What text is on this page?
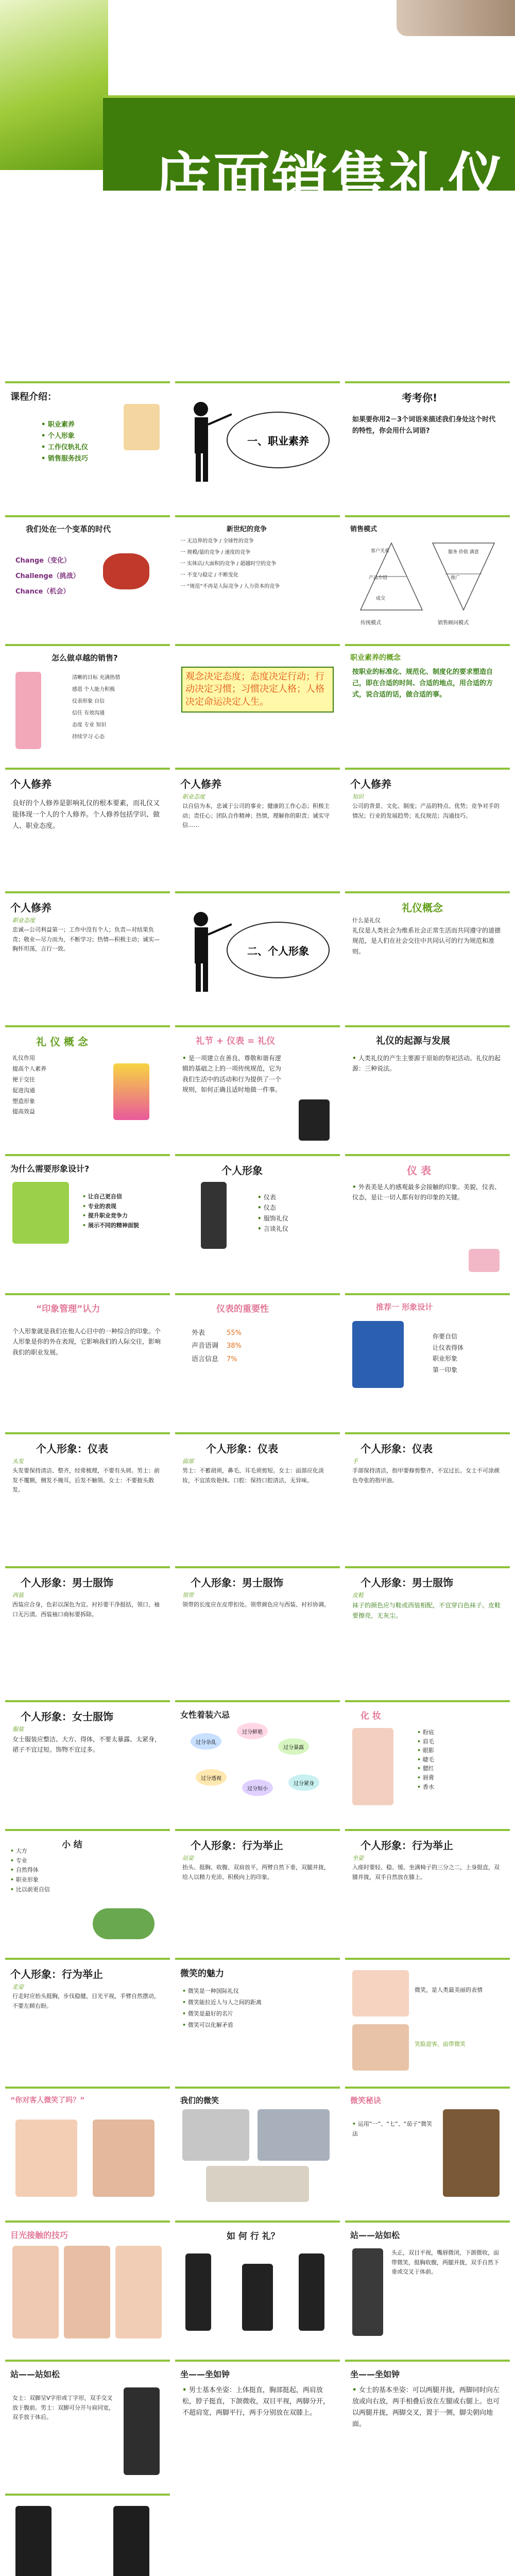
店面销售礼仪
课程介绍：
• 职业素养
• 个人形象
• 工作仪轨礼仪
• 销售服务技巧
一、职业素养
考考你!
如果要你用2－3个词语来描述我们身处这个时代的特性，你会用什么词语?
我们处在一个变革的时代
Change（变化）
Challenge（挑战）
Chance（机会）
新世纪的竞争
一 无边界的竞争 / 全球性的竞争
一 规模/量的竞争 / 速度的竞争
一 实体店/大面积的竞争 / 超越时空的竞争
一 不变与稳定 / 不断变化
一 “规范”不再是人际竞争 / 人力资本的竞争
销售模式
客户关系	服务 价值 满意
产品介绍	推广
成交
传统模式	销售顾问模式
怎么做卓越的销售?
清晰的目标 充满热情
感恩 个人能力积极
仪表形象 自信
信任 有效沟通
态度 专业 知识
持续学习 心态
观念决定态度；态度决定行动；行动决定习惯；习惯决定人格；人格决定命运决定人生。
职业素养的概念
按职业的标准化、规范化、制度化的要求塑造自己，即在合适的时间、合适的地点，用合适的方式，说合适的话，做合适的事。
个人修养
良好的个人修养是影响礼仪的根本要素，而礼仪又能体现一个人的个人修养。个人修养包括学识、做人、职业态度。
个人修养
职业态度
以自信为本，忠诚于公司的事业；健康的工作心态；积极主动；责任心；团队合作精神；热情，理解你的职责；诚实守信……
个人修养
知识
公司的背景、文化、制度；产品的特点、优势；竞争对手的情况；行业的发展趋势；礼仪规范；沟通技巧。
个人修养
职业态度
忠诚—公司利益第一；工作中没有个人；负责—对结果负责；敬业—尽力而为，不断学习；热情—积极主动；诚实—胸怀坦荡，言行一致。	二、个人形象
礼仪概念
什么是礼仪
礼仪是人类社会为维系社会正常生活而共同遵守的道德规范，是人们在社会交往中共同认可的行为规范和准则。
礼 仪 概 念
礼仪作用
提高个人素养
便于交往
促进沟通
塑造形象
提高效益
礼节 + 仪表 = 礼仪
• 是一项建立在善良、尊敬和谐有逻辑的基础之上的一项传统规范，它为我们生活中的活动和行为提供了一个规则，如何正确且适时地做一件事。
礼仪的起源与发展
• 人类礼仪的产生主要源于原始的祭祀活动。礼仪的起源：三种说法。
为什么需要形象设计?
• 让自己更自信
• 专业的表现
• 提升职业竞争力
• 展示不同的精神面貌
个人形象
• 仪表
• 仪态
• 服饰礼仪
• 言谈礼仪
仪 表
• 外表美是人的感观最多会接触的印象。美貌，仪表、仪态，是让一切人都有好的印象的关键。
“印象管理”认力
个人形象就是我们在他人心目中的一种综合的印象。个人形象是你的外在表现，它影响我们的人际交往，影响我们的职业发展。
仪表的重要性
外表	55%
声音语调	38%
语言信息	7%
推荐一 形象设计
你要自信
让仪表得体
职业形象
第一印象
个人形象：仪表
头发
头发要保持清洁、整齐，经常梳理，不要有头屑。男士：前发不覆额，侧发不掩耳，后发不触领。女士：不要披头散发。
个人形象：仪表
面部
男士：不蓄胡须，鼻毛、耳毛须剪短。女士：面部应化淡妆，不宜浓妆艳抹。口腔：保持口腔清洁，无异味。
个人形象：仪表
手
手部保持清洁，指甲要修剪整齐，不宜过长。女士不可涂颜色夸张的指甲油。
个人形象：男士服饰
西装
西装应合身，色彩以深色为宜。衬衫要干净挺括，领口、袖口无污渍。西装袖口商标要拆除。
个人形象：男士服饰
领带
领带的长度应在皮带扣处。领带颜色应与西装、衬衫协调。
个人形象：男士服饰
皮鞋
袜子的颜色应与鞋或西装相配，不宜穿白色袜子。皮鞋要擦亮，无灰尘。
个人形象：女士服饰
服装
女士服装应整洁、大方、得体，不要太暴露、太紧身，裙子不宜过短。饰物不宜过多。
女性着装六忌
过分杂乱
过分鲜艳
过分暴露
过分透视
过分短小
过分紧身
化 妆
• 粉底
• 眉毛
• 眼影
• 睫毛
• 腮红
• 唇膏
• 香水
小 结
• 大方
• 专业
• 自然得体
• 职业形象
• 比以前更自信
个人形象：行为举止
站姿
抬头、挺胸、收腹、双肩放平，两臂自然下垂，双腿并拢，给人以精力充沛、积极向上的印象。
个人形象：行为举止
坐姿
入座时要轻、稳、缓。坐满椅子的三分之二，上身挺直，双膝并拢，双手自然放在膝上。
个人形象：行为举止
走姿
行走时应抬头挺胸，步伐稳健，目光平视，手臂自然摆动，不要左顾右盼。
微笑的魅力
• 微笑是一种国际礼仪
• 微笑能拉近人与人之间的距离
• 微笑是最好的名片
• 微笑可以化解矛盾
微笑，是人类最美丽的表情
笑脸迎客，面带微笑
“你对客人微笑了吗？”	我们的微笑	微笑秘诀
• 运用“一”、“七”、“茄子”微笑法
目光接触的技巧	如 何 行 礼？	站——站如松
头正，双目平视，嘴唇微闭，下颌微收，面带微笑，挺胸收腹，两腿并拢，双手自然下垂或交叉于体前。
站——站如松
女士：双脚呈V字形或丁字形，双手交叉放于腹前。男士：双脚可分开与肩同宽，双手放于体后。
坐——坐如钟
• 男士基本坐姿：上体挺直，胸部挺起，两肩放松，脖子挺直，下颌微收，双目平视，两脚分开，不超肩宽，两脚平行，两手分别放在双膝上。
坐——坐如钟
• 女士的基本坐姿：可以两腿并拢，两脚同时向左放或向右放，两手相叠后放在左腿或右腿上。也可以两腿并拢，两脚交叉，置于一侧，脚尖朝向地面。
